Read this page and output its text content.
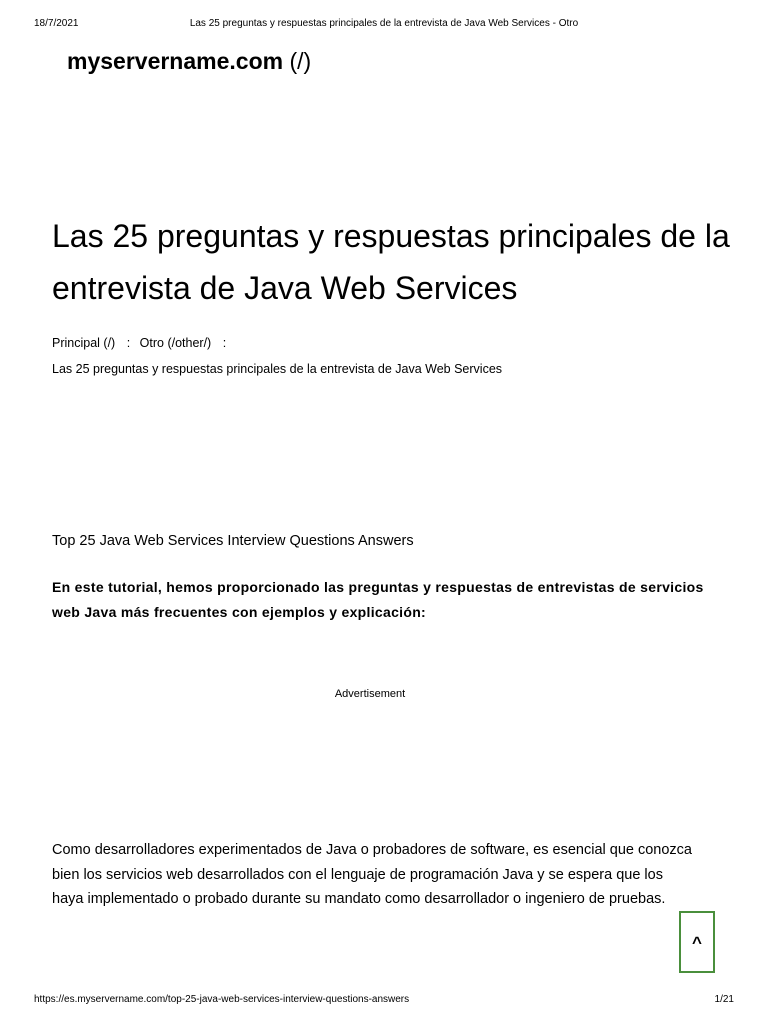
18/7/2021	Las 25 preguntas y respuestas principales de la entrevista de Java Web Services - Otro
myservername.com (/)
Las 25 preguntas y respuestas principales de la entrevista de Java Web Services
Principal (/) : Otro (/other/) :
Las 25 preguntas y respuestas principales de la entrevista de Java Web Services
Top 25 Java Web Services Interview Questions Answers

En este tutorial, hemos proporcionado las preguntas y respuestas de entrevistas de servicios web Java más frecuentes con ejemplos y explicación:

Advertisement

Como desarrolladores experimentados de Java o probadores de software, es esencial que conozca bien los servicios web desarrollados con el lenguaje de programación Java y se espera que los haya implementado o probado durante su mandato como desarrollador o ingeniero de pruebas.

^
https://es.myservername.com/top-25-java-web-services-interview-questions-answers	1/21
